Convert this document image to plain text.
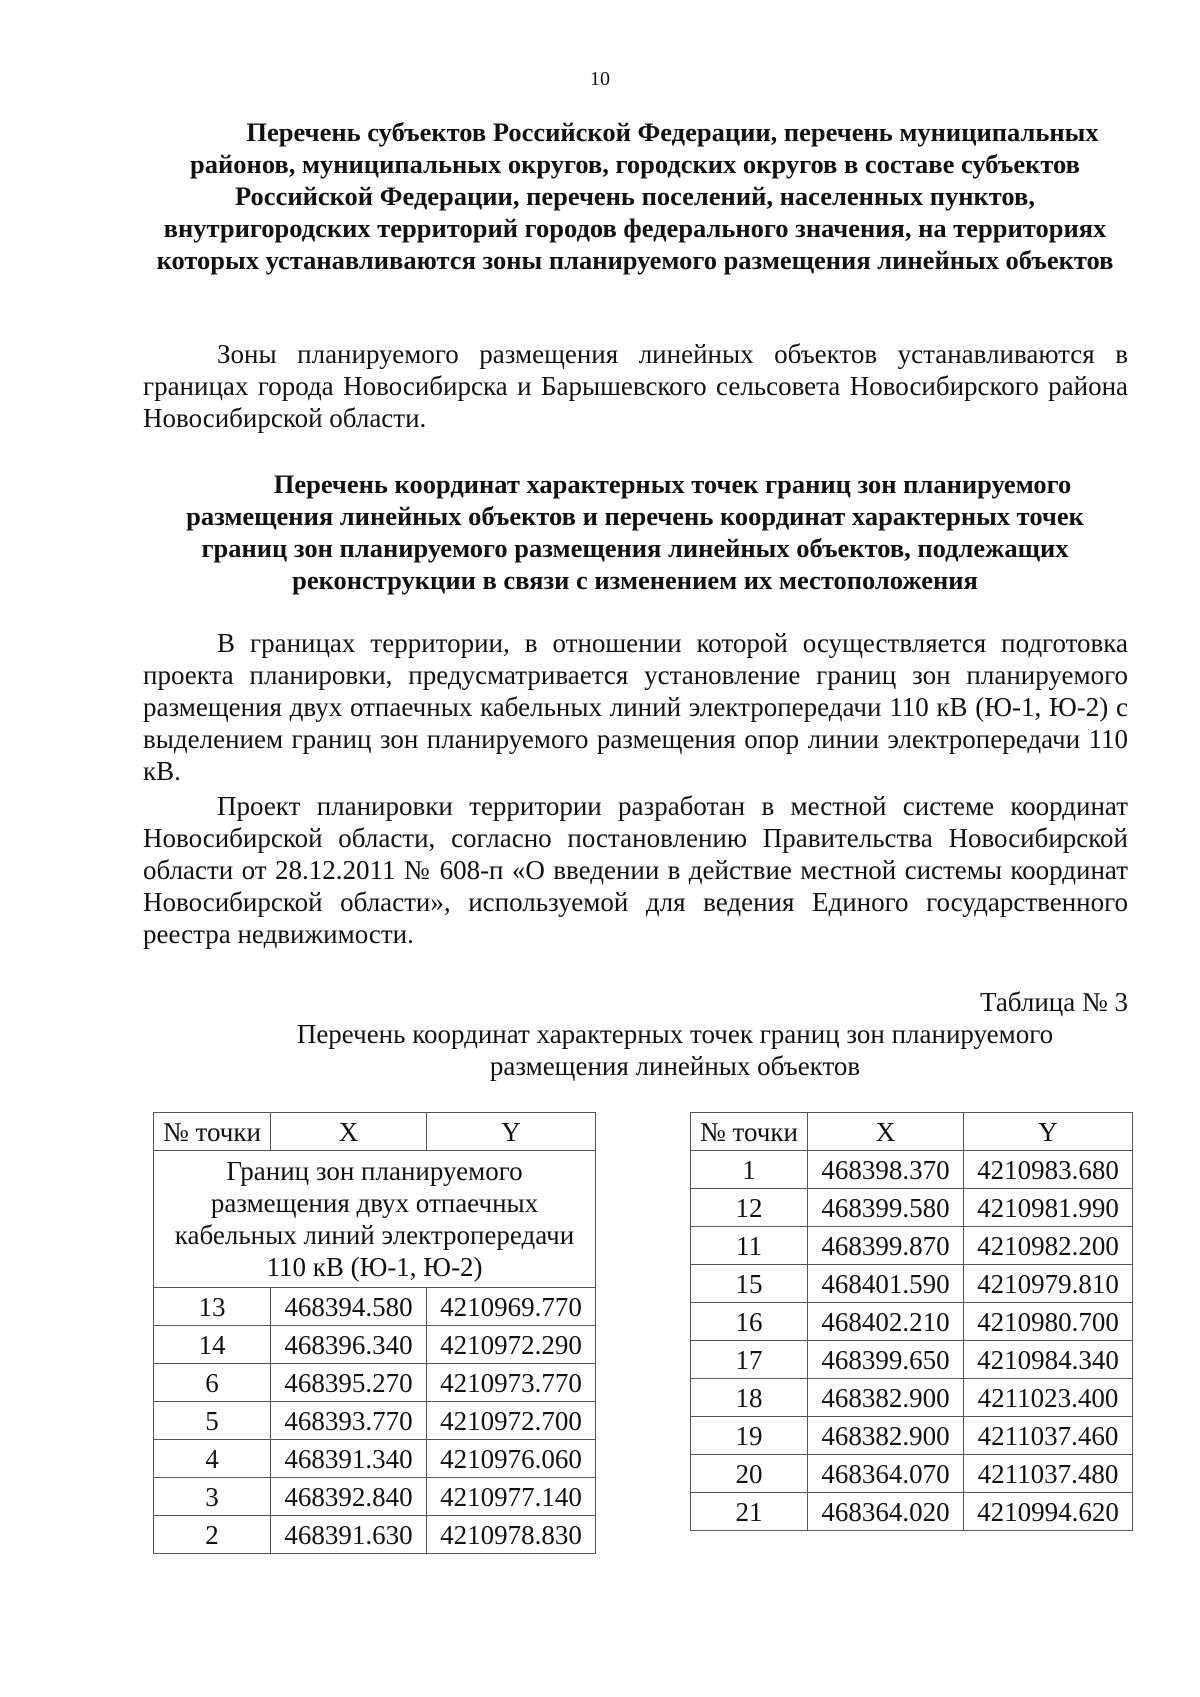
10
Перечень субъектов Российской Федерации, перечень муниципальных районов, муниципальных округов, городских округов в составе субъектов Российской Федерации, перечень поселений, населенных пунктов, внутригородских территорий городов федерального значения, на территориях которых устанавливаются зоны планируемого размещения линейных объектов
Зоны планируемого размещения линейных объектов устанавливаются в границах города Новосибирска и Барышевского сельсовета Новосибирского района Новосибирской области.
Перечень координат характерных точек границ зон планируемого размещения линейных объектов и перечень координат характерных точек границ зон планируемого размещения линейных объектов, подлежащих реконструкции в связи с изменением их местоположения
В границах территории, в отношении которой осуществляется подготовка проекта планировки, предусматривается установление границ зон планируемого размещения двух отпаечных кабельных линий электропередачи 110 кВ (Ю-1, Ю-2) с выделением границ зон планируемого размещения опор линии электропередачи 110 кВ.
Проект планировки территории разработан в местной системе координат Новосибирской области, согласно постановлению Правительства Новосибирской области от 28.12.2011 № 608-п «О введении в действие местной системы координат Новосибирской области», используемой для ведения Единого государственного реестра недвижимости.
Таблица № 3
Перечень координат характерных точек границ зон планируемого размещения линейных объектов
№ точки	X	Y
Границ зон планируемого размещения двух отпаечных кабельных линий электропередачи 110 кВ (Ю-1, Ю-2)		
13	468394.580	4210969.770
14	468396.340	4210972.290
6	468395.270	4210973.770
5	468393.770	4210972.700
4	468391.340	4210976.060
3	468392.840	4210977.140
2	468391.630	4210978.830
№ точки	X	Y
1	468398.370	4210983.680
12	468399.580	4210981.990
11	468399.870	4210982.200
15	468401.590	4210979.810
16	468402.210	4210980.700
17	468399.650	4210984.340
18	468382.900	4211023.400
19	468382.900	4211037.460
20	468364.070	4211037.480
21	468364.020	4210994.620
